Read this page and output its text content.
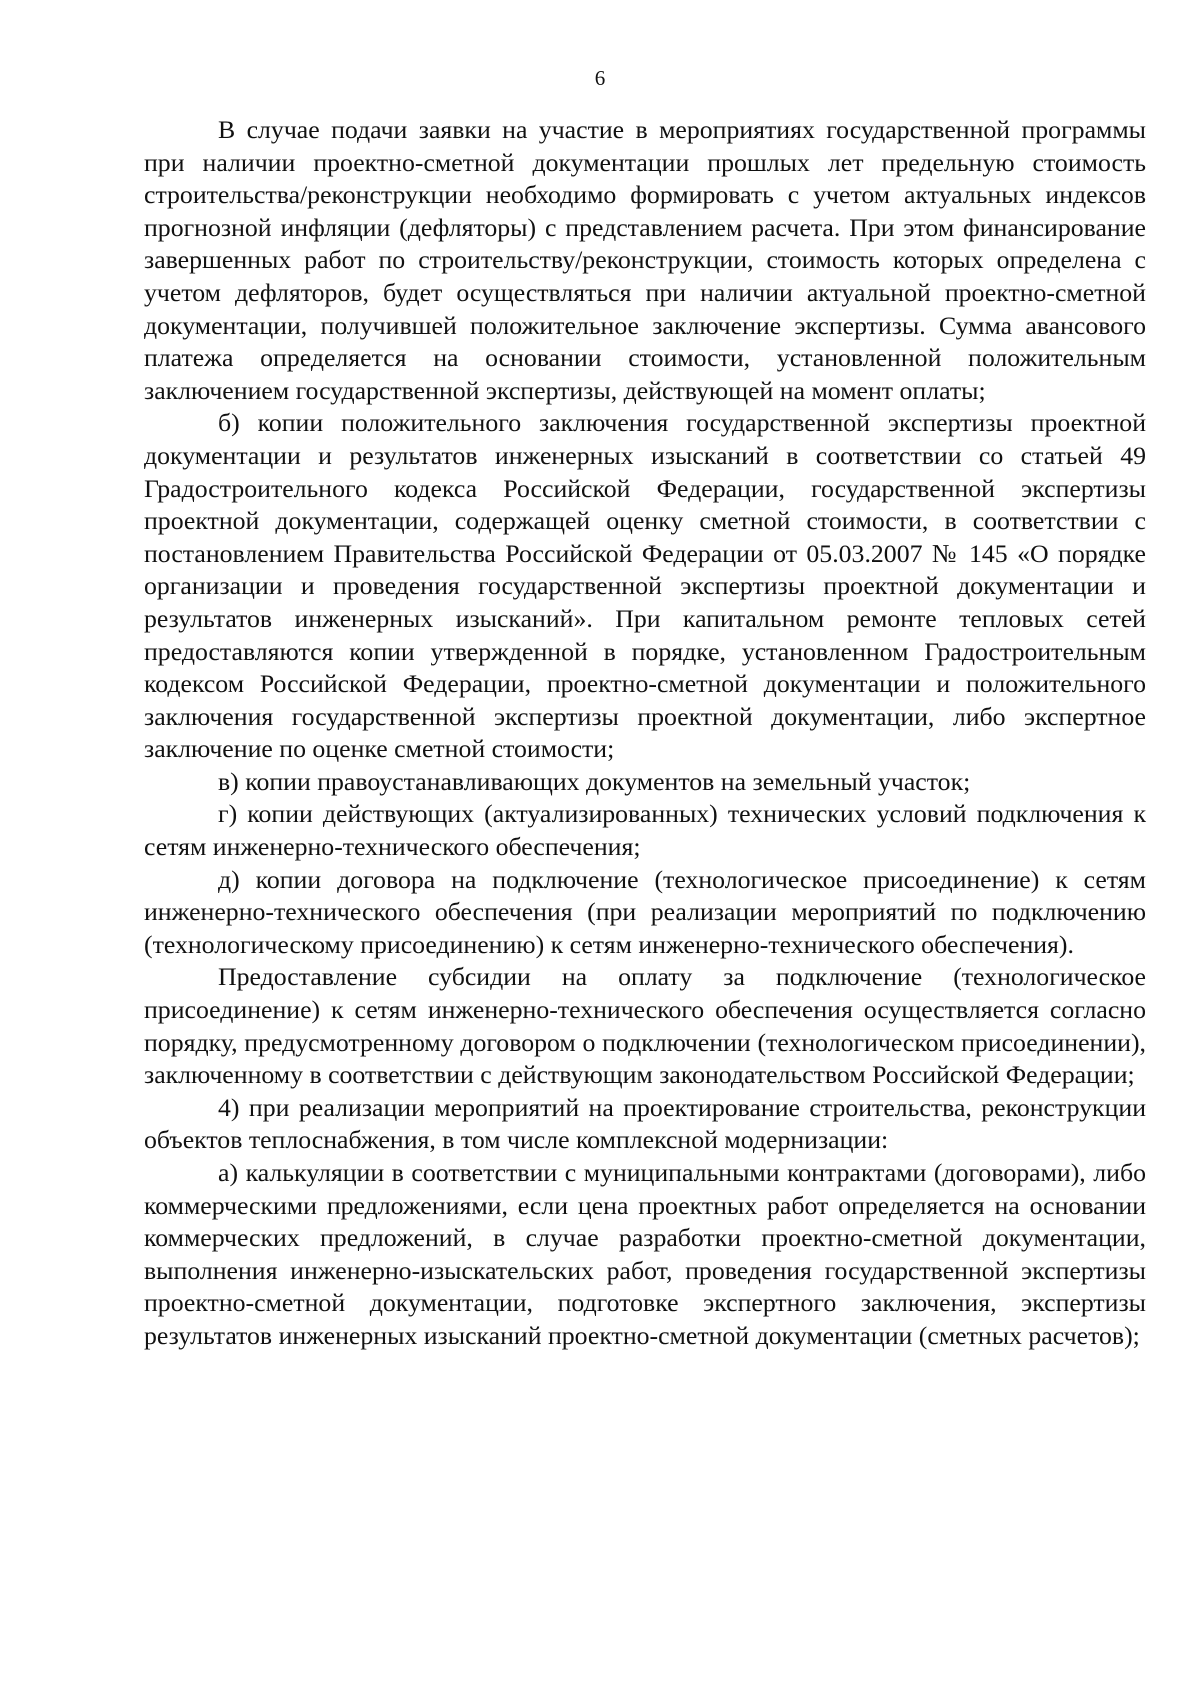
6

В случае подачи заявки на участие в мероприятиях государственной программы при наличии проектно-сметной документации прошлых лет предельную стоимость строительства/реконструкции необходимо формировать с учетом актуальных индексов прогнозной инфляции (дефляторы) с представлением расчета. При этом финансирование завершенных работ по строительству/реконструкции, стоимость которых определена с учетом дефляторов, будет осуществляться при наличии актуальной проектно-сметной документации, получившей положительное заключение экспертизы. Сумма авансового платежа определяется на основании стоимости, установленной положительным заключением государственной экспертизы, действующей на момент оплаты;

б) копии положительного заключения государственной экспертизы проектной документации и результатов инженерных изысканий в соответствии со статьей 49 Градостроительного кодекса Российской Федерации, государственной экспертизы проектной документации, содержащей оценку сметной стоимости, в соответствии с постановлением Правительства Российской Федерации от 05.03.2007 № 145 «О порядке организации и проведения государственной экспертизы проектной документации и результатов инженерных изысканий». При капитальном ремонте тепловых сетей предоставляются копии утвержденной в порядке, установленном Градостроительным кодексом Российской Федерации, проектно-сметной документации и положительного заключения государственной экспертизы проектной документации, либо экспертное заключение по оценке сметной стоимости;

в) копии правоустанавливающих документов на земельный участок;

г) копии действующих (актуализированных) технических условий подключения к сетям инженерно-технического обеспечения;

д) копии договора на подключение (технологическое присоединение) к сетям инженерно-технического обеспечения (при реализации мероприятий по подключению (технологическому присоединению) к сетям инженерно-технического обеспечения).

Предоставление субсидии на оплату за подключение (технологическое присоединение) к сетям инженерно-технического обеспечения осуществляется согласно порядку, предусмотренному договором о подключении (технологическом присоединении), заключенному в соответствии с действующим законодательством Российской Федерации;

4) при реализации мероприятий на проектирование строительства, реконструкции объектов теплоснабжения, в том числе комплексной модернизации:

а) калькуляции в соответствии с муниципальными контрактами (договорами), либо коммерческими предложениями, если цена проектных работ определяется на основании коммерческих предложений, в случае разработки проектно-сметной документации, выполнения инженерно-изыскательских работ, проведения государственной экспертизы проектно-сметной документации, подготовке экспертного заключения, экспертизы результатов инженерных изысканий проектно-сметной документации (сметных расчетов);
